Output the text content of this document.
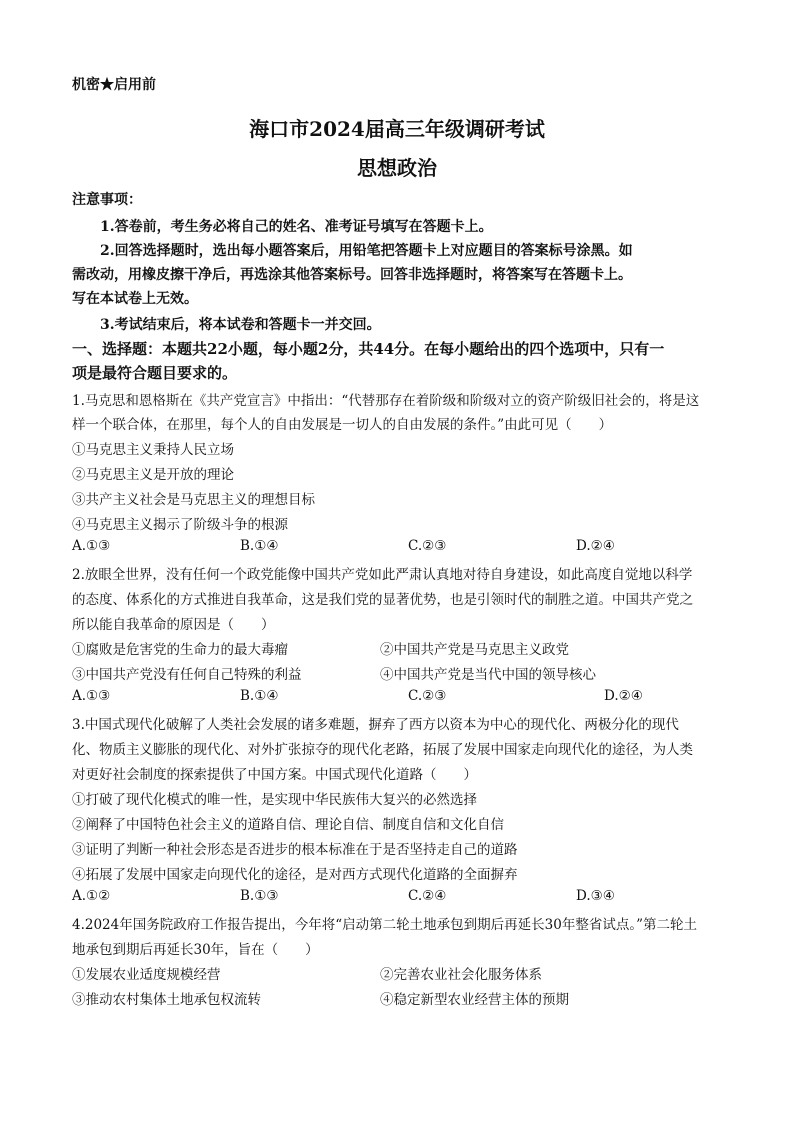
机密★启用前
海口市2024届高三年级调研考试
思想政治
注意事项：
1.答卷前，考生务必将自己的姓名、准考证号填写在答题卡上。
2.回答选择题时，选出每小题答案后，用铅笔把答题卡上对应题目的答案标号涂黑。如
需改动，用橡皮擦干净后，再选涂其他答案标号。回答非选择题时，将答案写在答题卡上。
写在本试卷上无效。
3.考试结束后，将本试卷和答题卡一并交回。
一、选择题：本题共22小题，每小题2分，共44分。在每小题给出的四个选项中，只有一
项是最符合题目要求的。
1.马克思和恩格斯在《共产党宣言》中指出：“代替那存在着阶级和阶级对立的资产阶级旧社会的，将是这
样一个联合体，在那里，每个人的自由发展是一切人的自由发展的条件。”由此可见（　　）
①马克思主义秉持人民立场
②马克思主义是开放的理论
③共产主义社会是马克思主义的理想目标
④马克思主义揭示了阶级斗争的根源
A.①③	B.①④	C.②③	D.②④
2.放眼全世界，没有任何一个政党能像中国共产党如此严肃认真地对待自身建设，如此高度自觉地以科学
的态度、体系化的方式推进自我革命，这是我们党的显著优势，也是引领时代的制胜之道。中国共产党之
所以能自我革命的原因是（　　）
①腐败是危害党的生命力的最大毒瘤	②中国共产党是马克思主义政党
③中国共产党没有任何自己特殊的利益	④中国共产党是当代中国的领导核心
A.①③	B.①④	C.②③	D.②④
3.中国式现代化破解了人类社会发展的诸多难题，摒弃了西方以资本为中心的现代化、两极分化的现代
化、物质主义膨胀的现代化、对外扩张掠夺的现代化老路，拓展了发展中国家走向现代化的途径，为人类
对更好社会制度的探索提供了中国方案。中国式现代化道路（　　）
①打破了现代化模式的唯一性，是实现中华民族伟大复兴的必然选择
②阐释了中国特色社会主义的道路自信、理论自信、制度自信和文化自信
③证明了判断一种社会形态是否进步的根本标准在于是否坚持走自己的道路
④拓展了发展中国家走向现代化的途径，是对西方式现代化道路的全面摒弃
A.①②	B.①③	C.②④	D.③④
4.2024年国务院政府工作报告提出，今年将“启动第二轮土地承包到期后再延长30年整省试点。”第二轮土
地承包到期后再延长30年，旨在（　　）
①发展农业适度规模经营	②完善农业社会化服务体系
③推动农村集体土地承包权流转	④稳定新型农业经营主体的预期
